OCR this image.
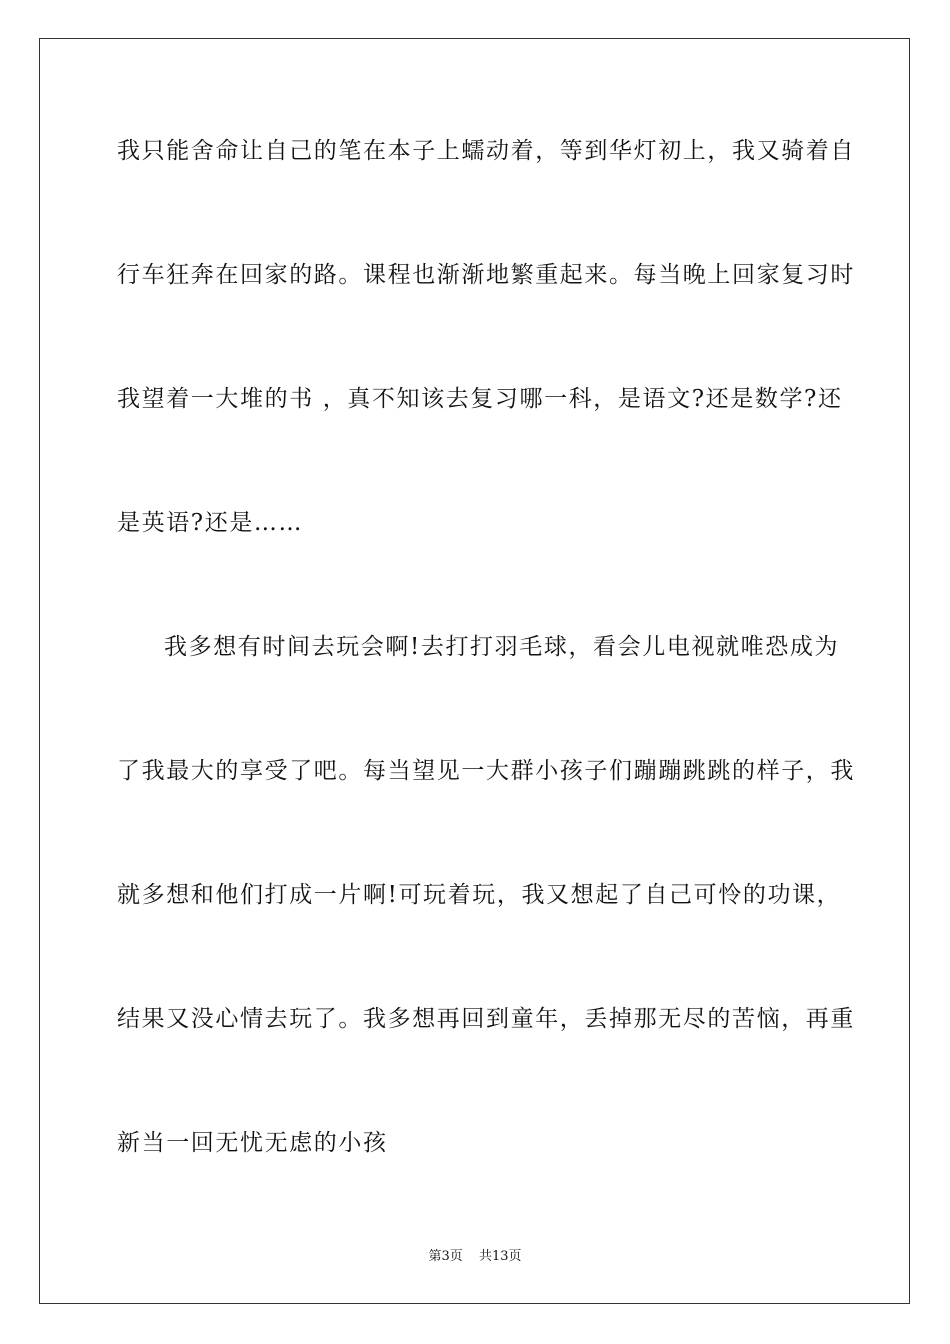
我只能舍命让自己的笔在本子上蠕动着，等到华灯初上，我又骑着自
行车狂奔在回家的路。课程也渐渐地繁重起来。每当晚上回家复习时
我望着一大堆的书 ，真不知该去复习哪一科，是语文?还是数学?还
是英语?还是……
我多想有时间去玩会啊!去打打羽毛球，看会儿电视就唯恐成为
了我最大的享受了吧。每当望见一大群小孩子们蹦蹦跳跳的样子，我
就多想和他们打成一片啊!可玩着玩，我又想起了自己可怜的功课，
结果又没心情去玩了。我多想再回到童年，丢掉那无尽的苦恼，再重
新当一回无忧无虑的小孩
第3页 共13页
